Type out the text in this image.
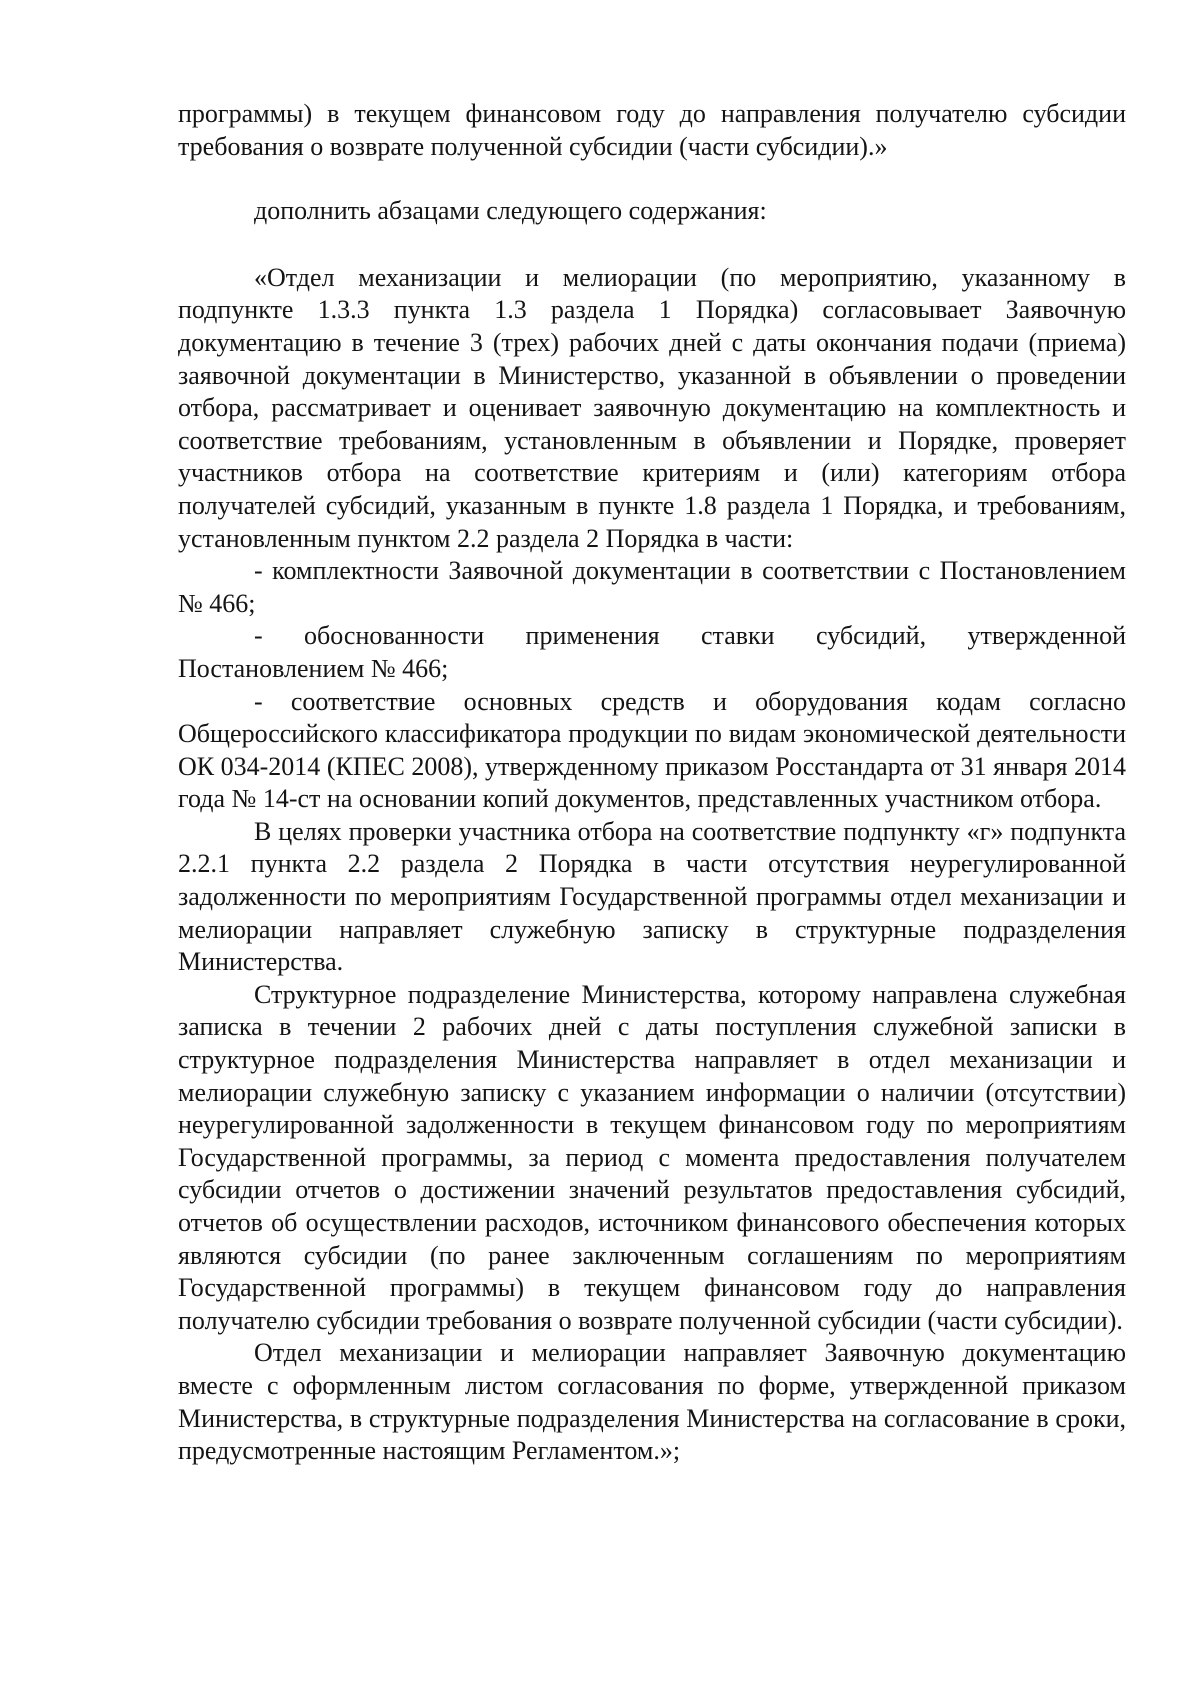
программы) в текущем финансовом году до направления получателю субсидии требования о возврате полученной субсидии (части субсидии).»

дополнить абзацами следующего содержания:

«Отдел механизации и мелиорации (по мероприятию, указанному в подпункте 1.3.3 пункта 1.3 раздела 1 Порядка) согласовывает Заявочную документацию в течение 3 (трех) рабочих дней с даты окончания подачи (приема) заявочной документации в Министерство, указанной в объявлении о проведении отбора, рассматривает и оценивает заявочную документацию на комплектность и соответствие требованиям, установленным в объявлении и Порядке, проверяет участников отбора на соответствие критериям и (или) категориям отбора получателей субсидий, указанным в пункте 1.8 раздела 1 Порядка, и требованиям, установленным пунктом 2.2 раздела 2 Порядка в части:

- комплектности Заявочной документации в соответствии с Постановлением № 466;

- обоснованности применения ставки субсидий, утвержденной Постановлением № 466;

- соответствие основных средств и оборудования кодам согласно Общероссийского классификатора продукции по видам экономической деятельности ОК 034-2014 (КПЕС 2008), утвержденному приказом Росстандарта от 31 января 2014 года № 14-ст на основании копий документов, представленных участником отбора.

В целях проверки участника отбора на соответствие подпункту «г» подпункта 2.2.1 пункта 2.2 раздела 2 Порядка в части отсутствия неурегулированной задолженности по мероприятиям Государственной программы отдел механизации и мелиорации направляет служебную записку в структурные подразделения Министерства.

Структурное подразделение Министерства, которому направлена служебная записка в течении 2 рабочих дней с даты поступления служебной записки в структурное подразделения Министерства направляет в отдел механизации и мелиорации служебную записку с указанием информации о наличии (отсутствии) неурегулированной задолженности в текущем финансовом году по мероприятиям Государственной программы, за период с момента предоставления получателем субсидии отчетов о достижении значений результатов предоставления субсидий, отчетов об осуществлении расходов, источником финансового обеспечения которых являются субсидии (по ранее заключенным соглашениям по мероприятиям Государственной программы) в текущем финансовом году до направления получателю субсидии требования о возврате полученной субсидии (части субсидии).

Отдел механизации и мелиорации направляет Заявочную документацию вместе с оформленным листом согласования по форме, утвержденной приказом Министерства, в структурные подразделения Министерства на согласование в сроки, предусмотренные настоящим Регламентом.»;
